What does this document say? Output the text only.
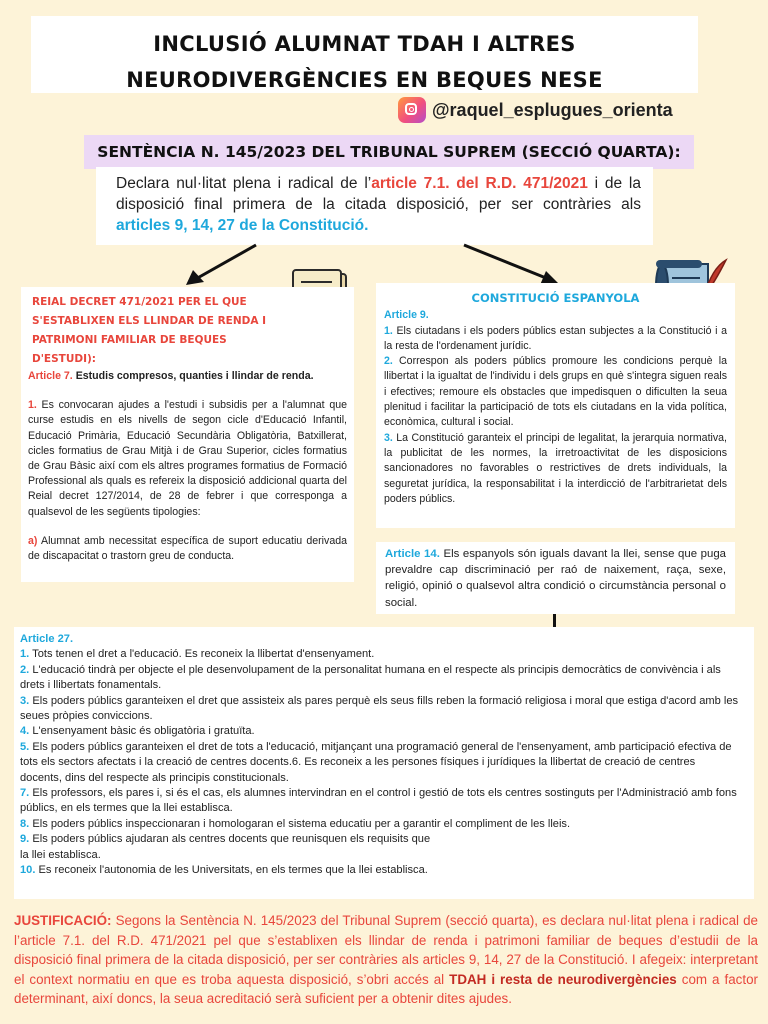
INCLUSIÓ ALUMNAT TDAH I ALTRES
NEURODIVERGÈNCIES EN BEQUES NESE
@raquel_esplugues_orienta
SENTÈNCIA N. 145/2023 DEL TRIBUNAL SUPREM (SECCIÓ QUARTA):
Declara nul·litat plena i radical de l’article 7.1. del R.D. 471/2021 i de la disposició final primera de la citada disposició, per ser contràries als articles 9, 14, 27 de la Constitució.
REIAL DECRET 471/2021 PER EL QUE
S'ESTABLIXEN ELS LLINDAR DE RENDA I
PATRIMONI FAMILIAR DE BEQUES D'ESTUDI):

Article 7. Estudis compresos, quanties i llindar de renda.

1. Es convocaran ajudes a l'estudi i subsidis per a l'alumnat que curse estudis en els nivells de segon cicle d'Educació Infantil, Educació Primària, Educació Secundària Obligatòria, Batxillerat, cicles formatius de Grau Mitjà i de Grau Superior, cicles formatius de Grau Bàsic així com els altres programes formatius de Formació Professional als quals es refereix la disposició addicional quarta del Reial decret 127/2014, de 28 de febrer i que corresponga a qualsevol de les següents tipologies:

a) Alumnat amb necessitat específica de suport educatiu derivada de discapacitat o trastorn greu de conducta.

CONSTITUCIÓ ESPANYOLA

Article 9.

1. Els ciutadans i els poders públics estan subjectes a la Constitució i a la resta de l'ordenament jurídic.

2. Correspon als poders públics promoure les condicions perquè la llibertat i la igualtat de l'individu i dels grups en què s'integra siguen reals i efectives; remoure els obstacles que impedisquen o dificulten la seua plenitud i facilitar la participació de tots els ciutadans en la vida política, econòmica, cultural i social.

3. La Constitució garanteix el principi de legalitat, la jerarquia normativa, la publicitat de les normes, la irretroactivitat de les disposicions sancionadores no favorables o restrictives de drets individuals, la seguretat jurídica, la responsabilitat i la interdicció de l'arbitrarietat dels poders públics.

Article 14. Els espanyols són iguals davant la llei, sense que puga prevaldre cap discriminació per raó de naixement, raça, sexe, religió, opinió o qualsevol altra condició o circumstància personal o social.

Article 27.

1. Tots tenen el dret a l'educació. Es reconeix la llibertat d'ensenyament.

2. L'educació tindrà per objecte el ple desenvolupament de la personalitat humana en el respecte als principis democràtics de convivència i als drets i llibertats fonamentals.

3. Els poders públics garanteixen el dret que assisteix als pares perquè els seus fills reben la formació religiosa i moral que estiga d'acord amb les seues pròpies conviccions.

4. L'ensenyament bàsic és obligatòria i gratuïta.

5. Els poders públics garanteixen el dret de tots a l'educació, mitjançant una programació general de l'ensenyament, amb participació efectiva de tots els sectors afectats i la creació de centres docents.6. Es reconeix a les persones físiques i jurídiques la llibertat de creació de centres
docents, dins del respecte als principis constitucionals.

7. Els professors, els pares i, si és el cas, els alumnes intervindran en el control i gestió de tots els centres sostinguts per l'Administració amb fons públics, en els termes que la llei establisca.

8. Els poders públics inspeccionaran i homologaran el sistema educatiu per a garantir el compliment de les lleis.

9. Els poders públics ajudaran als centres docents que reunisquen els requisits que
la llei establisca.

10. Es reconeix l'autonomia de les Universitats, en els termes que la llei establisca.

JUSTIFICACIÓ: Segons la Sentència N. 145/2023 del Tribunal Suprem (secció quarta), es declara nul·litat plena i radical de l’article 7.1. del R.D. 471/2021 pel que s’establixen els llindar de renda i patrimoni familiar de beques d’estudii de la disposició final primera de la citada disposició, per ser contràries als articles 9, 14, 27 de la Constitució. I afegeix: interpretant el context normatiu en que es troba aquesta disposició, s’obri accés al TDAH i resta de neurodivergències com a factor determinant, així doncs, la seua acreditació serà suficient per a obtenir dites ajudes.
